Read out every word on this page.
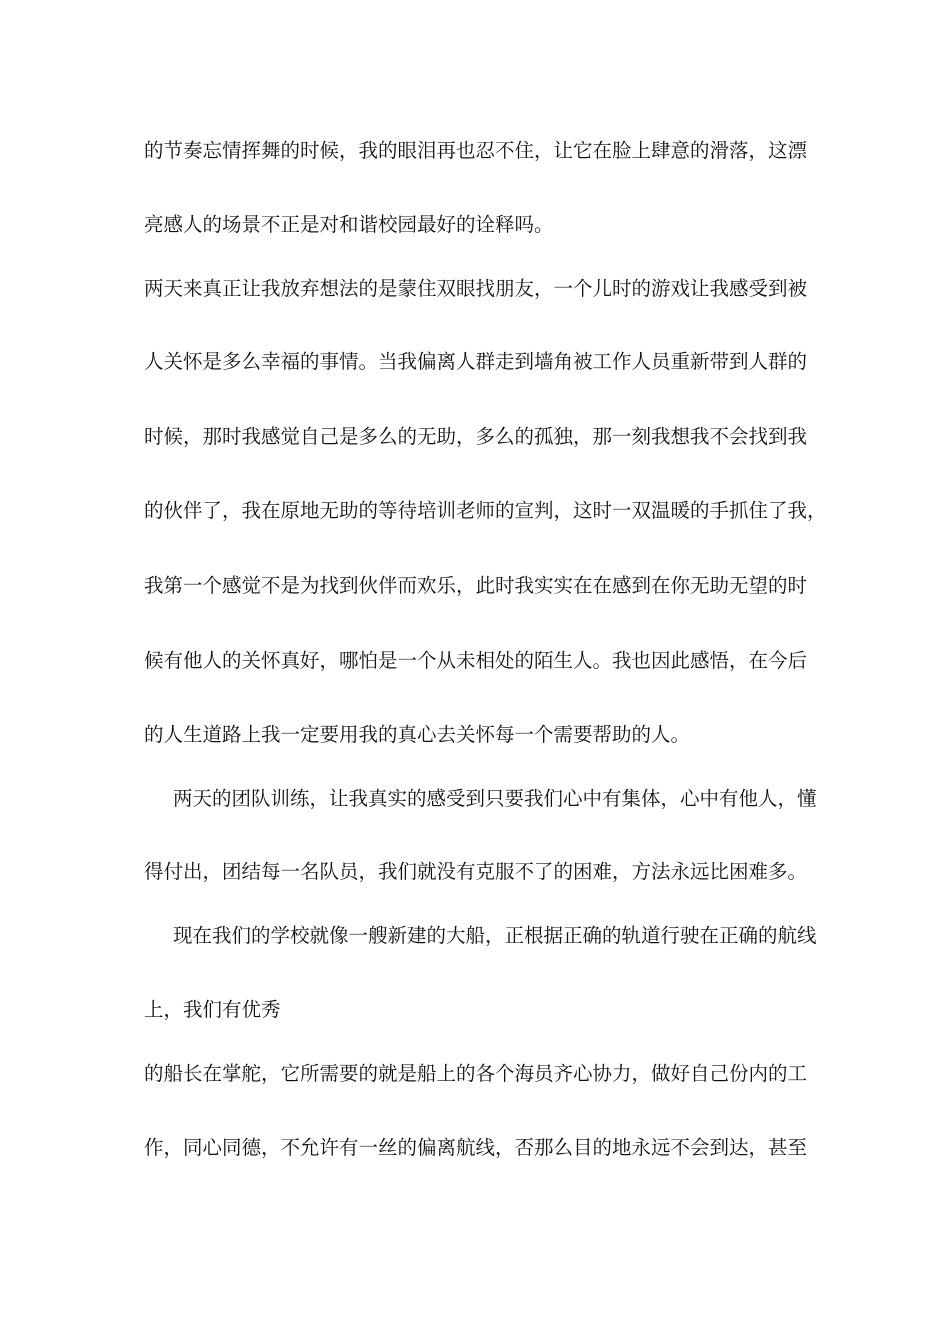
的节奏忘情挥舞的时候，我的眼泪再也忍不住，让它在脸上肆意的滑落，这漂
亮感人的场景不正是对和谐校园最好的诠释吗。
两天来真正让我放弃想法的是蒙住双眼找朋友，一个儿时的游戏让我感受到被
人关怀是多么幸福的事情。当我偏离人群走到墙角被工作人员重新带到人群的
时候，那时我感觉自己是多么的无助，多么的孤独，那一刻我想我不会找到我
的伙伴了，我在原地无助的等待培训老师的宣判，这时一双温暖的手抓住了我，
我第一个感觉不是为找到伙伴而欢乐，此时我实实在在感到在你无助无望的时
候有他人的关怀真好，哪怕是一个从未相处的陌生人。我也因此感悟，在今后
的人生道路上我一定要用我的真心去关怀每一个需要帮助的人。
两天的团队训练，让我真实的感受到只要我们心中有集体，心中有他人，懂
得付出，团结每一名队员，我们就没有克服不了的困难，方法永远比困难多。
现在我们的学校就像一艘新建的大船，正根据正确的轨道行驶在正确的航线
上，我们有优秀
的船长在掌舵，它所需要的就是船上的各个海员齐心协力，做好自己份内的工
作，同心同德，不允许有一丝的偏离航线，否那么目的地永远不会到达，甚至
